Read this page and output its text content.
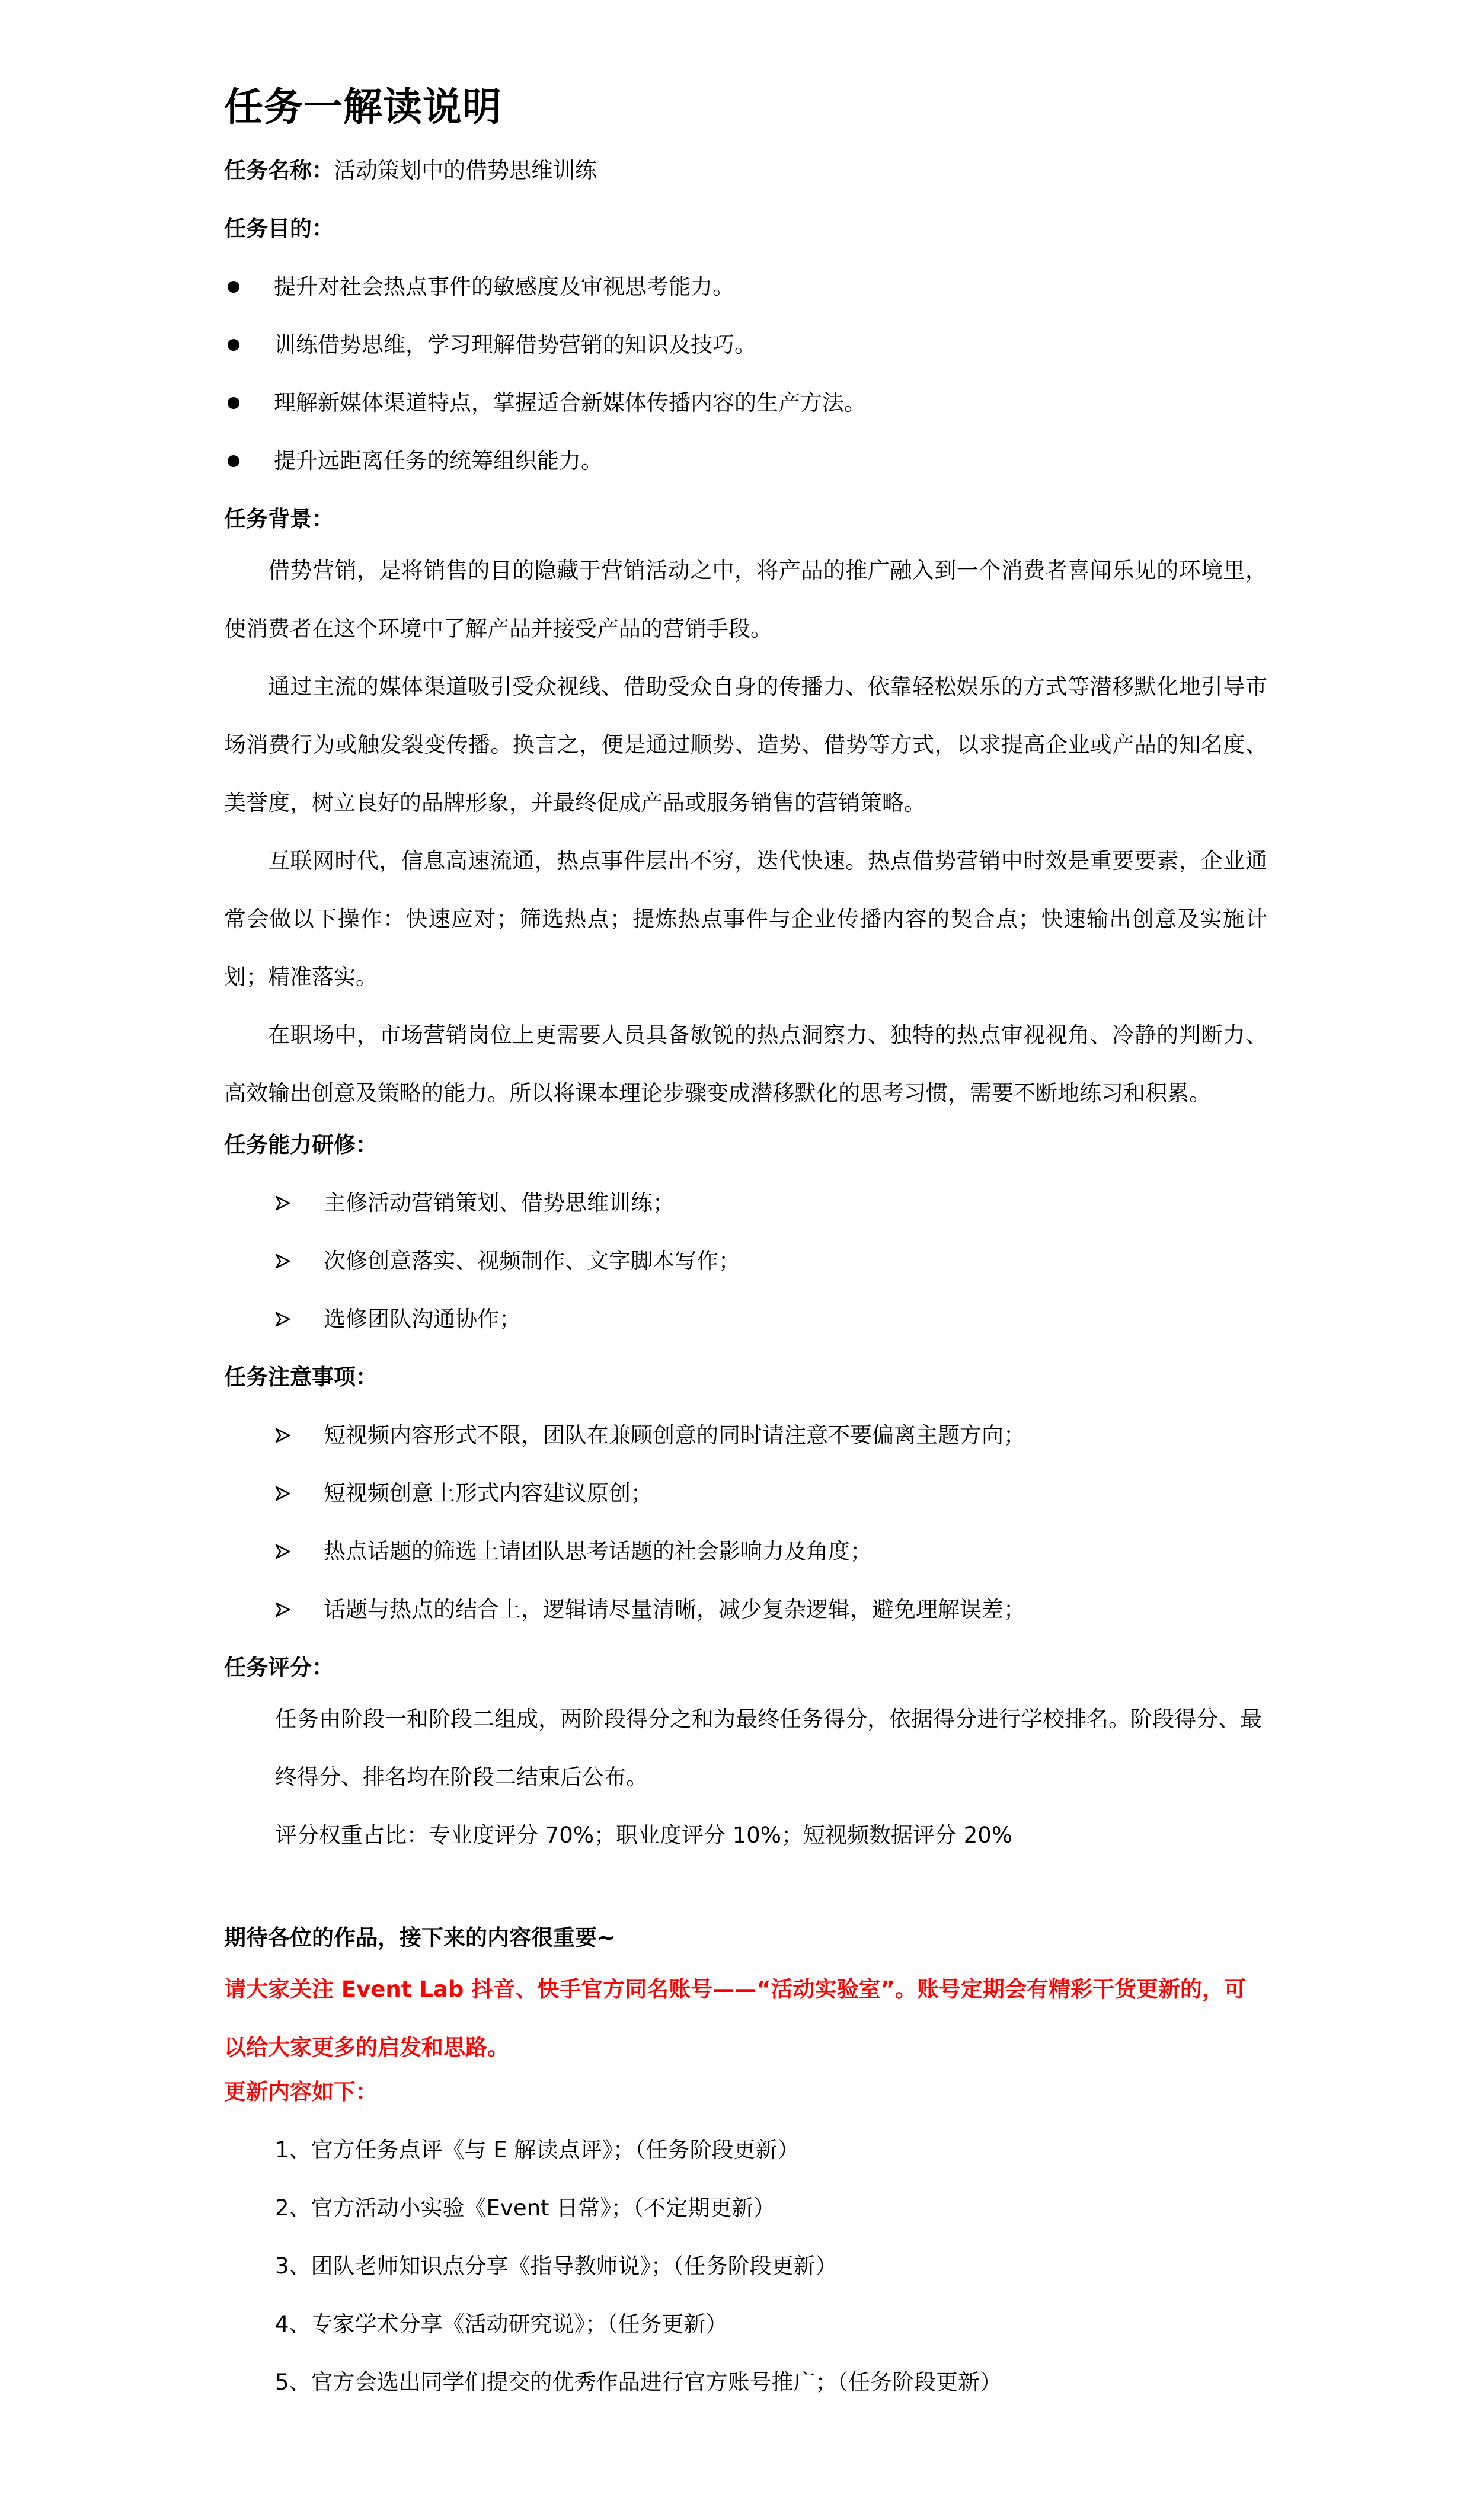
任务一解读说明
任务名称：活动策划中的借势思维训练
任务目的：
提升对社会热点事件的敏感度及审视思考能力。
训练借势思维，学习理解借势营销的知识及技巧。
理解新媒体渠道特点，掌握适合新媒体传播内容的生产方法。
提升远距离任务的统筹组织能力。
任务背景：

借势营销，是将销售的目的隐藏于营销活动之中，将产品的推广融入到一个消费者喜闻乐见的环境里，使消费者在这个环境中了解产品并接受产品的营销手段。

通过主流的媒体渠道吸引受众视线、借助受众自身的传播力、依靠轻松娱乐的方式等潜移默化地引导市场消费行为或触发裂变传播。换言之，便是通过顺势、造势、借势等方式，以求提高企业或产品的知名度、美誉度，树立良好的品牌形象，并最终促成产品或服务销售的营销策略。

互联网时代，信息高速流通，热点事件层出不穷，迭代快速。热点借势营销中时效是重要要素，企业通常会做以下操作：快速应对；筛选热点；提炼热点事件与企业传播内容的契合点；快速输出创意及实施计划；精准落实。

在职场中，市场营销岗位上更需要人员具备敏锐的热点洞察力、独特的热点审视视角、冷静的判断力、高效输出创意及策略的能力。所以将课本理论步骤变成潜移默化的思考习惯，需要不断地练习和积累。

任务能力研修：
主修活动营销策划、借势思维训练；
次修创意落实、视频制作、文字脚本写作；
选修团队沟通协作；
任务注意事项：
短视频内容形式不限，团队在兼顾创意的同时请注意不要偏离主题方向；
短视频创意上形式内容建议原创；
热点话题的筛选上请团队思考话题的社会影响力及角度；
话题与热点的结合上，逻辑请尽量清晰，减少复杂逻辑，避免理解误差；
任务评分：

任务由阶段一和阶段二组成，两阶段得分之和为最终任务得分，依据得分进行学校排名。阶段得分、最终得分、排名均在阶段二结束后公布。

评分权重占比：专业度评分 70%；职业度评分 10%；短视频数据评分 20%

期待各位的作品，接下来的内容很重要~

请大家关注 Event Lab 抖音、快手官方同名账号——“活动实验室”。账号定期会有精彩干货更新的，可以给大家更多的启发和思路。

更新内容如下：
1、官方任务点评《与 E 解读点评》；（任务阶段更新）
2、官方活动小实验《Event 日常》；（不定期更新）
3、团队老师知识点分享《指导教师说》；（任务阶段更新）
4、专家学术分享《活动研究说》；（任务更新）
5、官方会选出同学们提交的优秀作品进行官方账号推广；（任务阶段更新）
